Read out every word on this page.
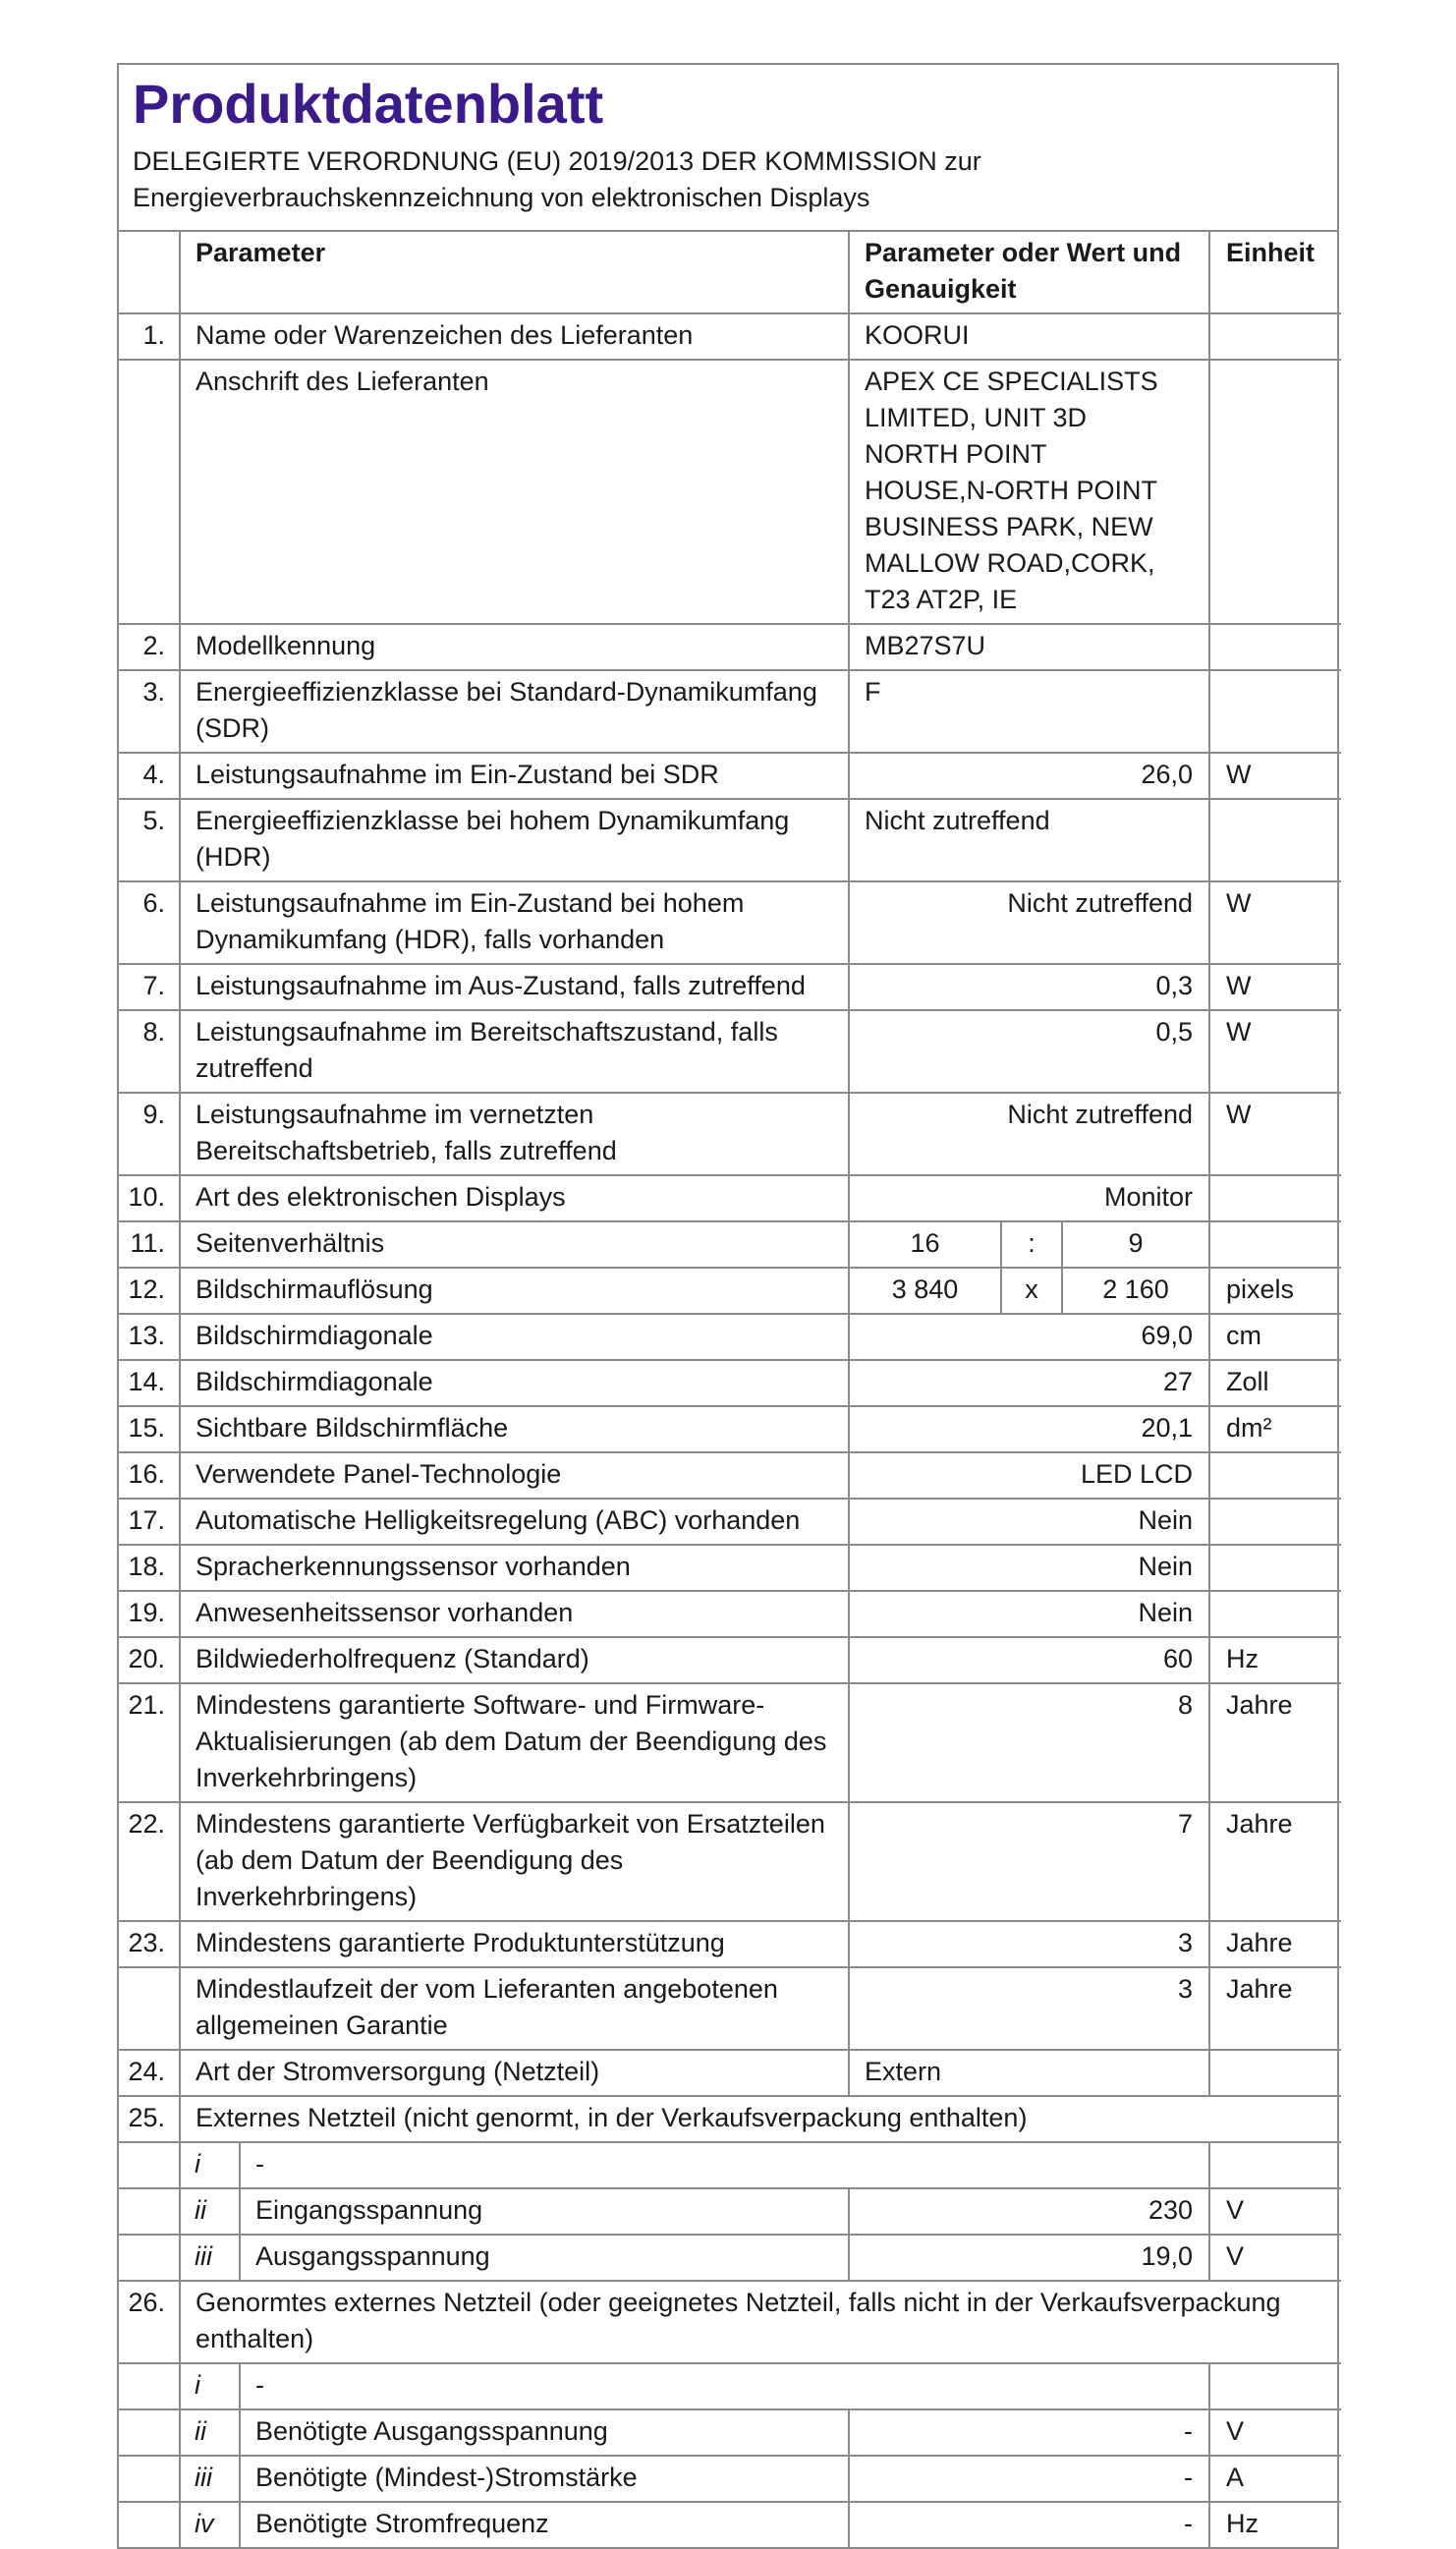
Produktdatenblatt
DELEGIERTE VERORDNUNG (EU) 2019/2013 DER KOMMISSION zur
Energieverbrauchskennzeichnung von elektronischen Displays
	Parameter		Parameter oder Wert und Genauigkeit			Einheit
1.	Name oder Warenzeichen des Lieferanten		KOORUI			
	Anschrift des Lieferanten		APEX CE SPECIALISTS LIMITED, UNIT 3D NORTH POINT HOUSE,N-ORTH POINT BUSINESS PARK, NEW MALLOW ROAD,CORK, T23 AT2P, IE			
2.	Modellkennung		MB27S7U			
3.	Energieeffizienzklasse bei Standard-Dynamikumfang (SDR)		F			
4.	Leistungsaufnahme im Ein-Zustand bei SDR		26,0			W
5.	Energieeffizienzklasse bei hohem Dynamikumfang (HDR)		Nicht zutreffend			
6.	Leistungsaufnahme im Ein-Zustand bei hohem Dynamikumfang (HDR), falls vorhanden		Nicht zutreffend			W
7.	Leistungsaufnahme im Aus-Zustand, falls zutreffend		0,3			W
8.	Leistungsaufnahme im Bereitschaftszustand, falls zutreffend		0,5			W
9.	Leistungsaufnahme im vernetzten Bereitschaftsbetrieb, falls zutreffend		Nicht zutreffend			W
10.	Art des elektronischen Displays		Monitor			
11.	Seitenverhältnis		16	:	9	
12.	Bildschirmauflösung		3 840	x	2 160	pixels
13.	Bildschirmdiagonale		69,0			cm
14.	Bildschirmdiagonale		27			Zoll
15.	Sichtbare Bildschirmfläche		20,1			dm²
16.	Verwendete Panel-Technologie		LED LCD			
17.	Automatische Helligkeitsregelung (ABC) vorhanden		Nein			
18.	Spracherkennungssensor vorhanden		Nein			
19.	Anwesenheitssensor vorhanden		Nein			
20.	Bildwiederholfrequenz (Standard)		60			Hz
21.	Mindestens garantierte Software- und Firmware-Aktualisierungen (ab dem Datum der Beendigung des Inverkehrbringens)		8			Jahre
22.	Mindestens garantierte Verfügbarkeit von Ersatzteilen (ab dem Datum der Beendigung des Inverkehrbringens)		7			Jahre
23.	Mindestens garantierte Produktunterstützung		3			Jahre
	Mindestlaufzeit der vom Lieferanten angebotenen allgemeinen Garantie		3			Jahre
24.	Art der Stromversorgung (Netzteil)		Extern			
25.	Externes Netzteil (nicht genormt, in der Verkaufsverpackung enthalten)					
	i	-				
	ii	Eingangsspannung	230			V
	iii	Ausgangsspannung	19,0			V
26.	Genormtes externes Netzteil (oder geeignetes Netzteil, falls nicht in der Verkaufsverpackung enthalten)					
	i	-				
	ii	Benötigte Ausgangsspannung	-			V
	iii	Benötigte (Mindest-)Stromstärke	-			A
	iv	Benötigte Stromfrequenz	-			Hz
